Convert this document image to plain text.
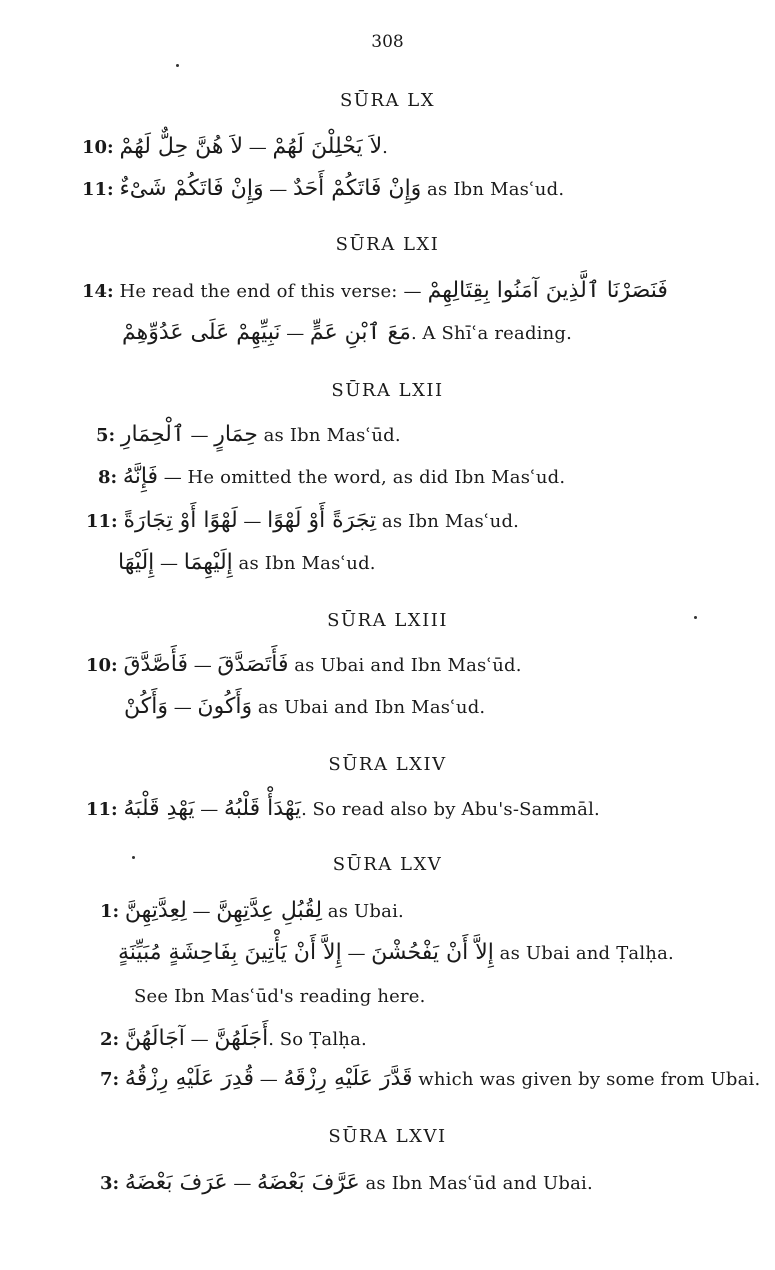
308
SŪRA LX
10: لاَ هُنَّ حِلٌّ لَهُمْ — لاَ يَحْلِلْنَ لَهُمْ.
11: وَإِنْ فَاتَكُمْ شَىْءٌ — وَإِنْ فَاتَكُمْ أَحَدٌ as Ibn Masʿud.
SŪRA LXI
14: He read the end of this verse: — فَنَصَرْنَا ٱلَّذِينَ آمَنُوا بِقِتَالِهِمْ
نَبِيِّهِمْ عَلَى عَدُوِّهِمْ — مَعَ ٱبْنِ عَمٍّ. A Shīʿa reading.
SŪRA LXII
5: ٱلْحِمَارِ — حِمَارٍ as Ibn Masʿūd.
8: فَإِنَّهُ — He omitted the word, as did Ibn Masʿud.
11: لَهْوًا أَوْ تِجَارَةً — تِجَرَةً أَوْ لَهْوًا as Ibn Masʿud.
إِلَيْهَا — إِلَيْهِمَا as Ibn Masʿud.
SŪRA LXIII
10: فَأَصَّدَّقَ — فَأَتَصَدَّقَ as Ubai and Ibn Masʿūd.
وَأَكُنْ — وَأَكُونَ as Ubai and Ibn Masʿud.
SŪRA LXIV
11: يَهْدِ قَلْبَهُ — يَهْدَأْ قَلْبُهُ. So read also by Abu's-Sammāl.
SŪRA LXV
1: لِعِدَّتِهِنَّ — لِقُبُلِ عِدَّتِهِنَّ as Ubai.
إِلاَّ أَنْ يَأْتِينَ بِفَاحِشَةٍ مُبَيِّنَةٍ — إِلاَّ أَنْ يَفْحُشْنَ as Ubai and Ṭalḥa.
See Ibn Masʿūd's reading here.
2: آجَالَهُنَّ — أَجَلَهُنَّ. So Ṭalḥa.
7: قُدِرَ عَلَيْهِ رِزْقُهُ — قَدَّرَ عَلَيْهِ رِزْقَهُ which was given by some from Ubai.
SŪRA LXVI
3: عَرَفَ بَعْضَهُ — عَرَّفَ بَعْضَهُ as Ibn Masʿūd and Ubai.
